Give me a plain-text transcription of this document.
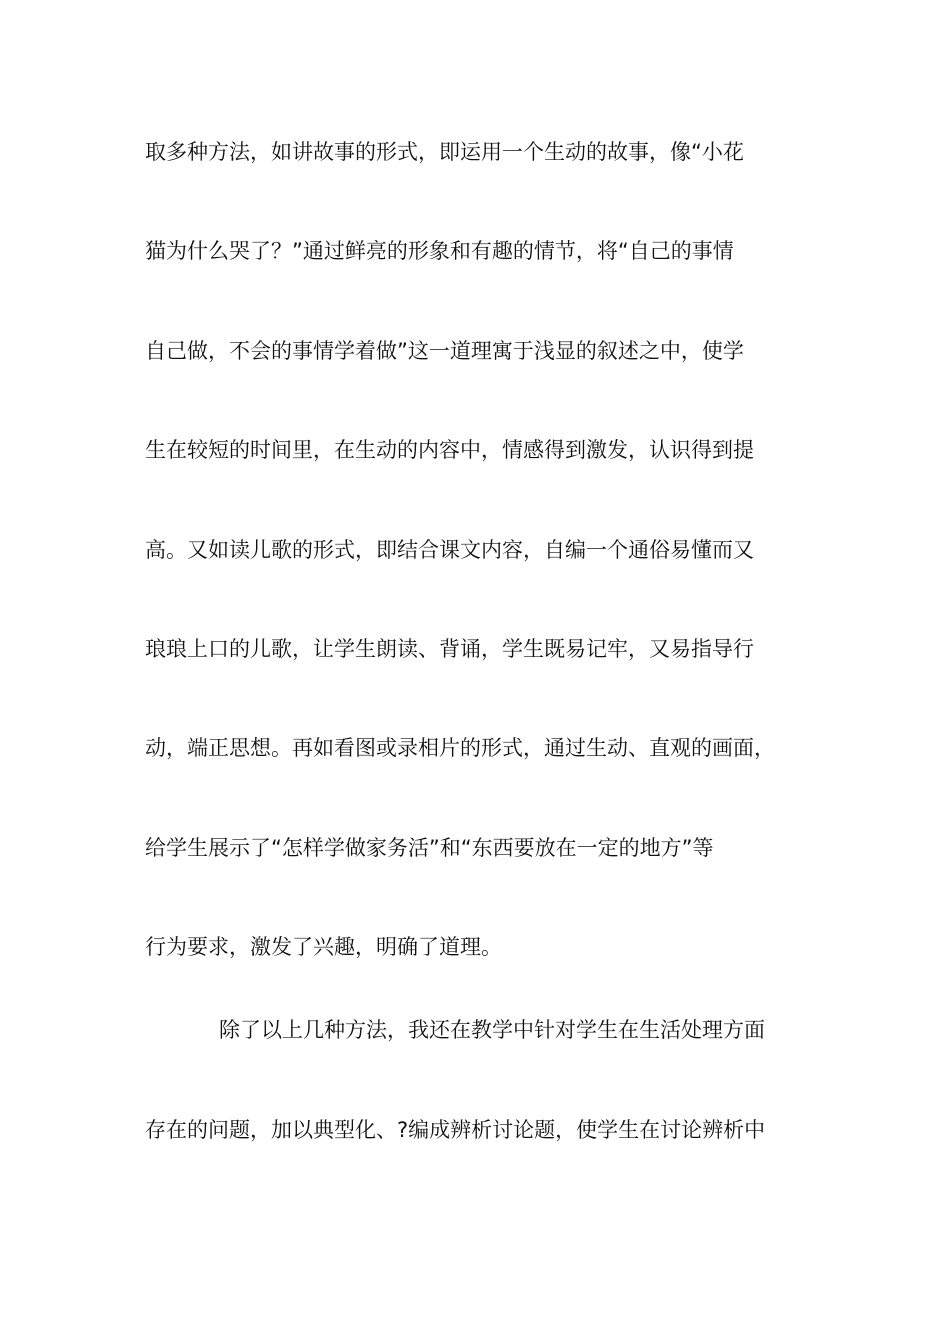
取多种方法，如讲故事的形式，即运用一个生动的故事，像“小花
猫为什么哭了？”通过鲜亮的形象和有趣的情节，将“自己的事情
自己做，不会的事情学着做”这一道理寓于浅显的叙述之中，使学
生在较短的时间里，在生动的内容中，情感得到激发，认识得到提
高。又如读儿歌的形式，即结合课文内容，自编一个通俗易懂而又
琅琅上口的儿歌，让学生朗读、背诵，学生既易记牢，又易指导行
动，端正思想。再如看图或录相片的形式，通过生动、直观的画面，
给学生展示了“怎样学做家务活”和“东西要放在一定的地方”等
行为要求，激发了兴趣，明确了道理。
除了以上几种方法，我还在教学中针对学生在生活处理方面
存在的问题，加以典型化、?编成辨析讨论题，使学生在讨论辨析中
